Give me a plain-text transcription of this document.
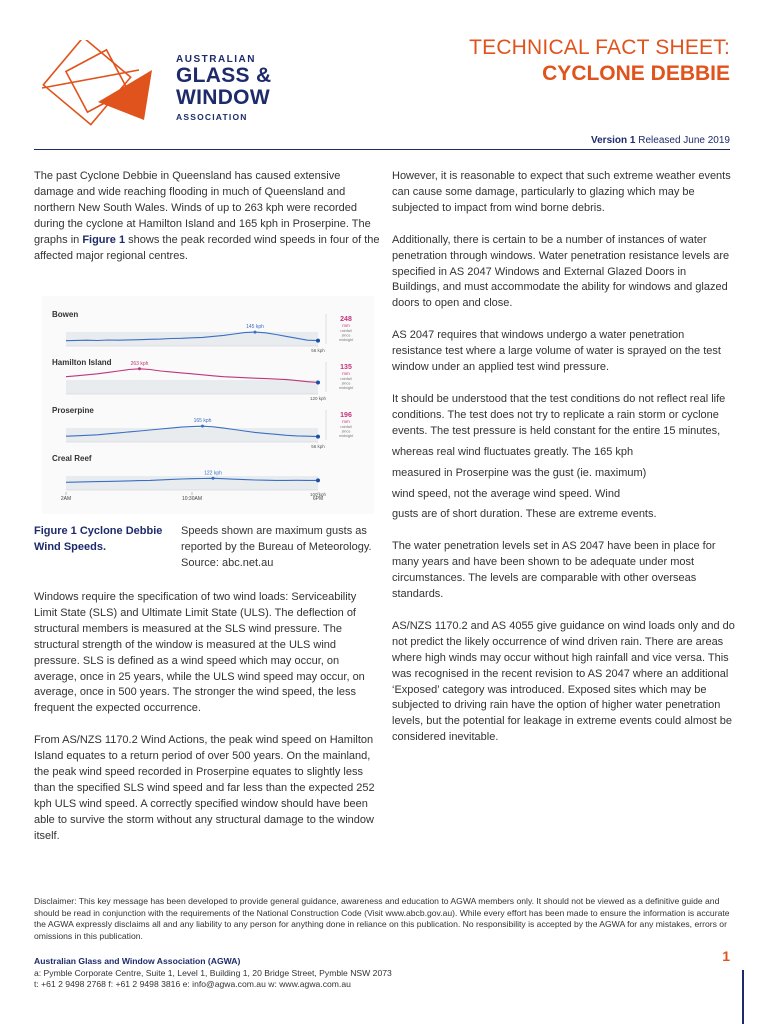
AUSTRALIAN
GLASS &
WINDOW
ASSOCIATION
TECHNICAL FACT SHEET:
CYCLONE DEBBIE
Version 1 Released June 2019

The past Cyclone Debbie in Queensland has caused extensive damage and wide reaching flooding in much of Queensland and northern New South Wales. Winds of up to 263 kph were recorded during the cyclone at Hamilton Island and 165 kph in Proserpine. The graphs in Figure 1 shows the peak recorded wind speeds in four of the affected major regional centres.

Bowen
145 kph
56 kph
248
mm
rainfall
since
midnight
Hamilton Island	263 kph
120 kph
135
mm
rainfall
since
midnight
Proserpine
165 kph
56 kph
196
mm
rainfall
since
midnight
Creal Reef
122 kph
100 kph
2AM	10:30AM	6PM
Figure 1 Cyclone Debbie Wind Speeds.
Speeds shown are maximum gusts as reported by the Bureau of Meteorology. Source: abc.net.au

Windows require the specification of two wind loads: Serviceability Limit State (SLS) and Ultimate Limit State (ULS). The deflection of structural members is measured at the SLS wind pressure. The structural strength of the window is measured at the ULS wind pressure. SLS is defined as a wind speed which may occur, on average, once in 25 years, while the ULS wind speed may occur, on average, once in 500 years. The stronger the wind speed, the less frequent the expected occurrence.

From AS/NZS 1170.2 Wind Actions, the peak wind speed on Hamilton Island equates to a return period of over 500 years. On the mainland, the peak wind speed recorded in Proserpine equates to slightly less than the specified SLS wind speed and far less than the expected 252 kph ULS wind speed. A correctly specified window should have been able to survive the storm without any structural damage to the window itself.

However, it is reasonable to expect that such extreme weather events can cause some damage, particularly to glazing which may be subjected to impact from wind borne debris.

Additionally, there is certain to be a number of instances of water penetration through windows. Water penetration resistance levels are specified in AS 2047 Windows and External Glazed Doors in Buildings, and must accommodate the ability for windows and glazed doors to open and close.

AS 2047 requires that windows undergo a water penetration resistance test where a large volume of water is sprayed on the test window under an applied test wind pressure.

It should be understood that the test conditions do not reflect real life conditions. The test does not try to replicate a rain storm or cyclone events. The test pressure is held constant for the entire 15 minutes,

whereas real wind fluctuates greatly. The 165 kph

measured in Proserpine was the gust (ie. maximum)

wind speed, not the average wind speed. Wind

gusts are of short duration. These are extreme events.

The water penetration levels set in AS 2047 have been in place for many years and have been shown to be adequate under most circumstances. The levels are comparable with other overseas standards.

AS/NZS 1170.2 and AS 4055 give guidance on wind loads only and do not predict the likely occurrence of wind driven rain. There are areas where high winds may occur without high rainfall and vice versa. This was recognised in the recent revision to AS 2047 where an additional ‘Exposed’ category was introduced. Exposed sites which may be subjected to driving rain have the option of higher water penetration levels, but the potential for leakage in extreme events could almost be considered inevitable.

Disclaimer: This key message has been developed to provide general guidance, awareness and education to AGWA members only. It should not be viewed as a definitive guide and should be read in conjunction with the requirements of the National Construction Code (Visit www.abcb.gov.au). While every effort has been made to ensure the information is accurate the AGWA expressly disclaims all and any liability to any person for anything done in reliance on this publication. No responsibility is accepted by the AGWA for any mistakes, errors or omissions in this publication.
Australian Glass and Window Association (AGWA)
a: Pymble Corporate Centre, Suite 1, Level 1, Building 1, 20 Bridge Street, Pymble NSW 2073
t: +61 2 9498 2768 f: +61 2 9498 3816 e: info@agwa.com.au w: www.agwa.com.au
1
